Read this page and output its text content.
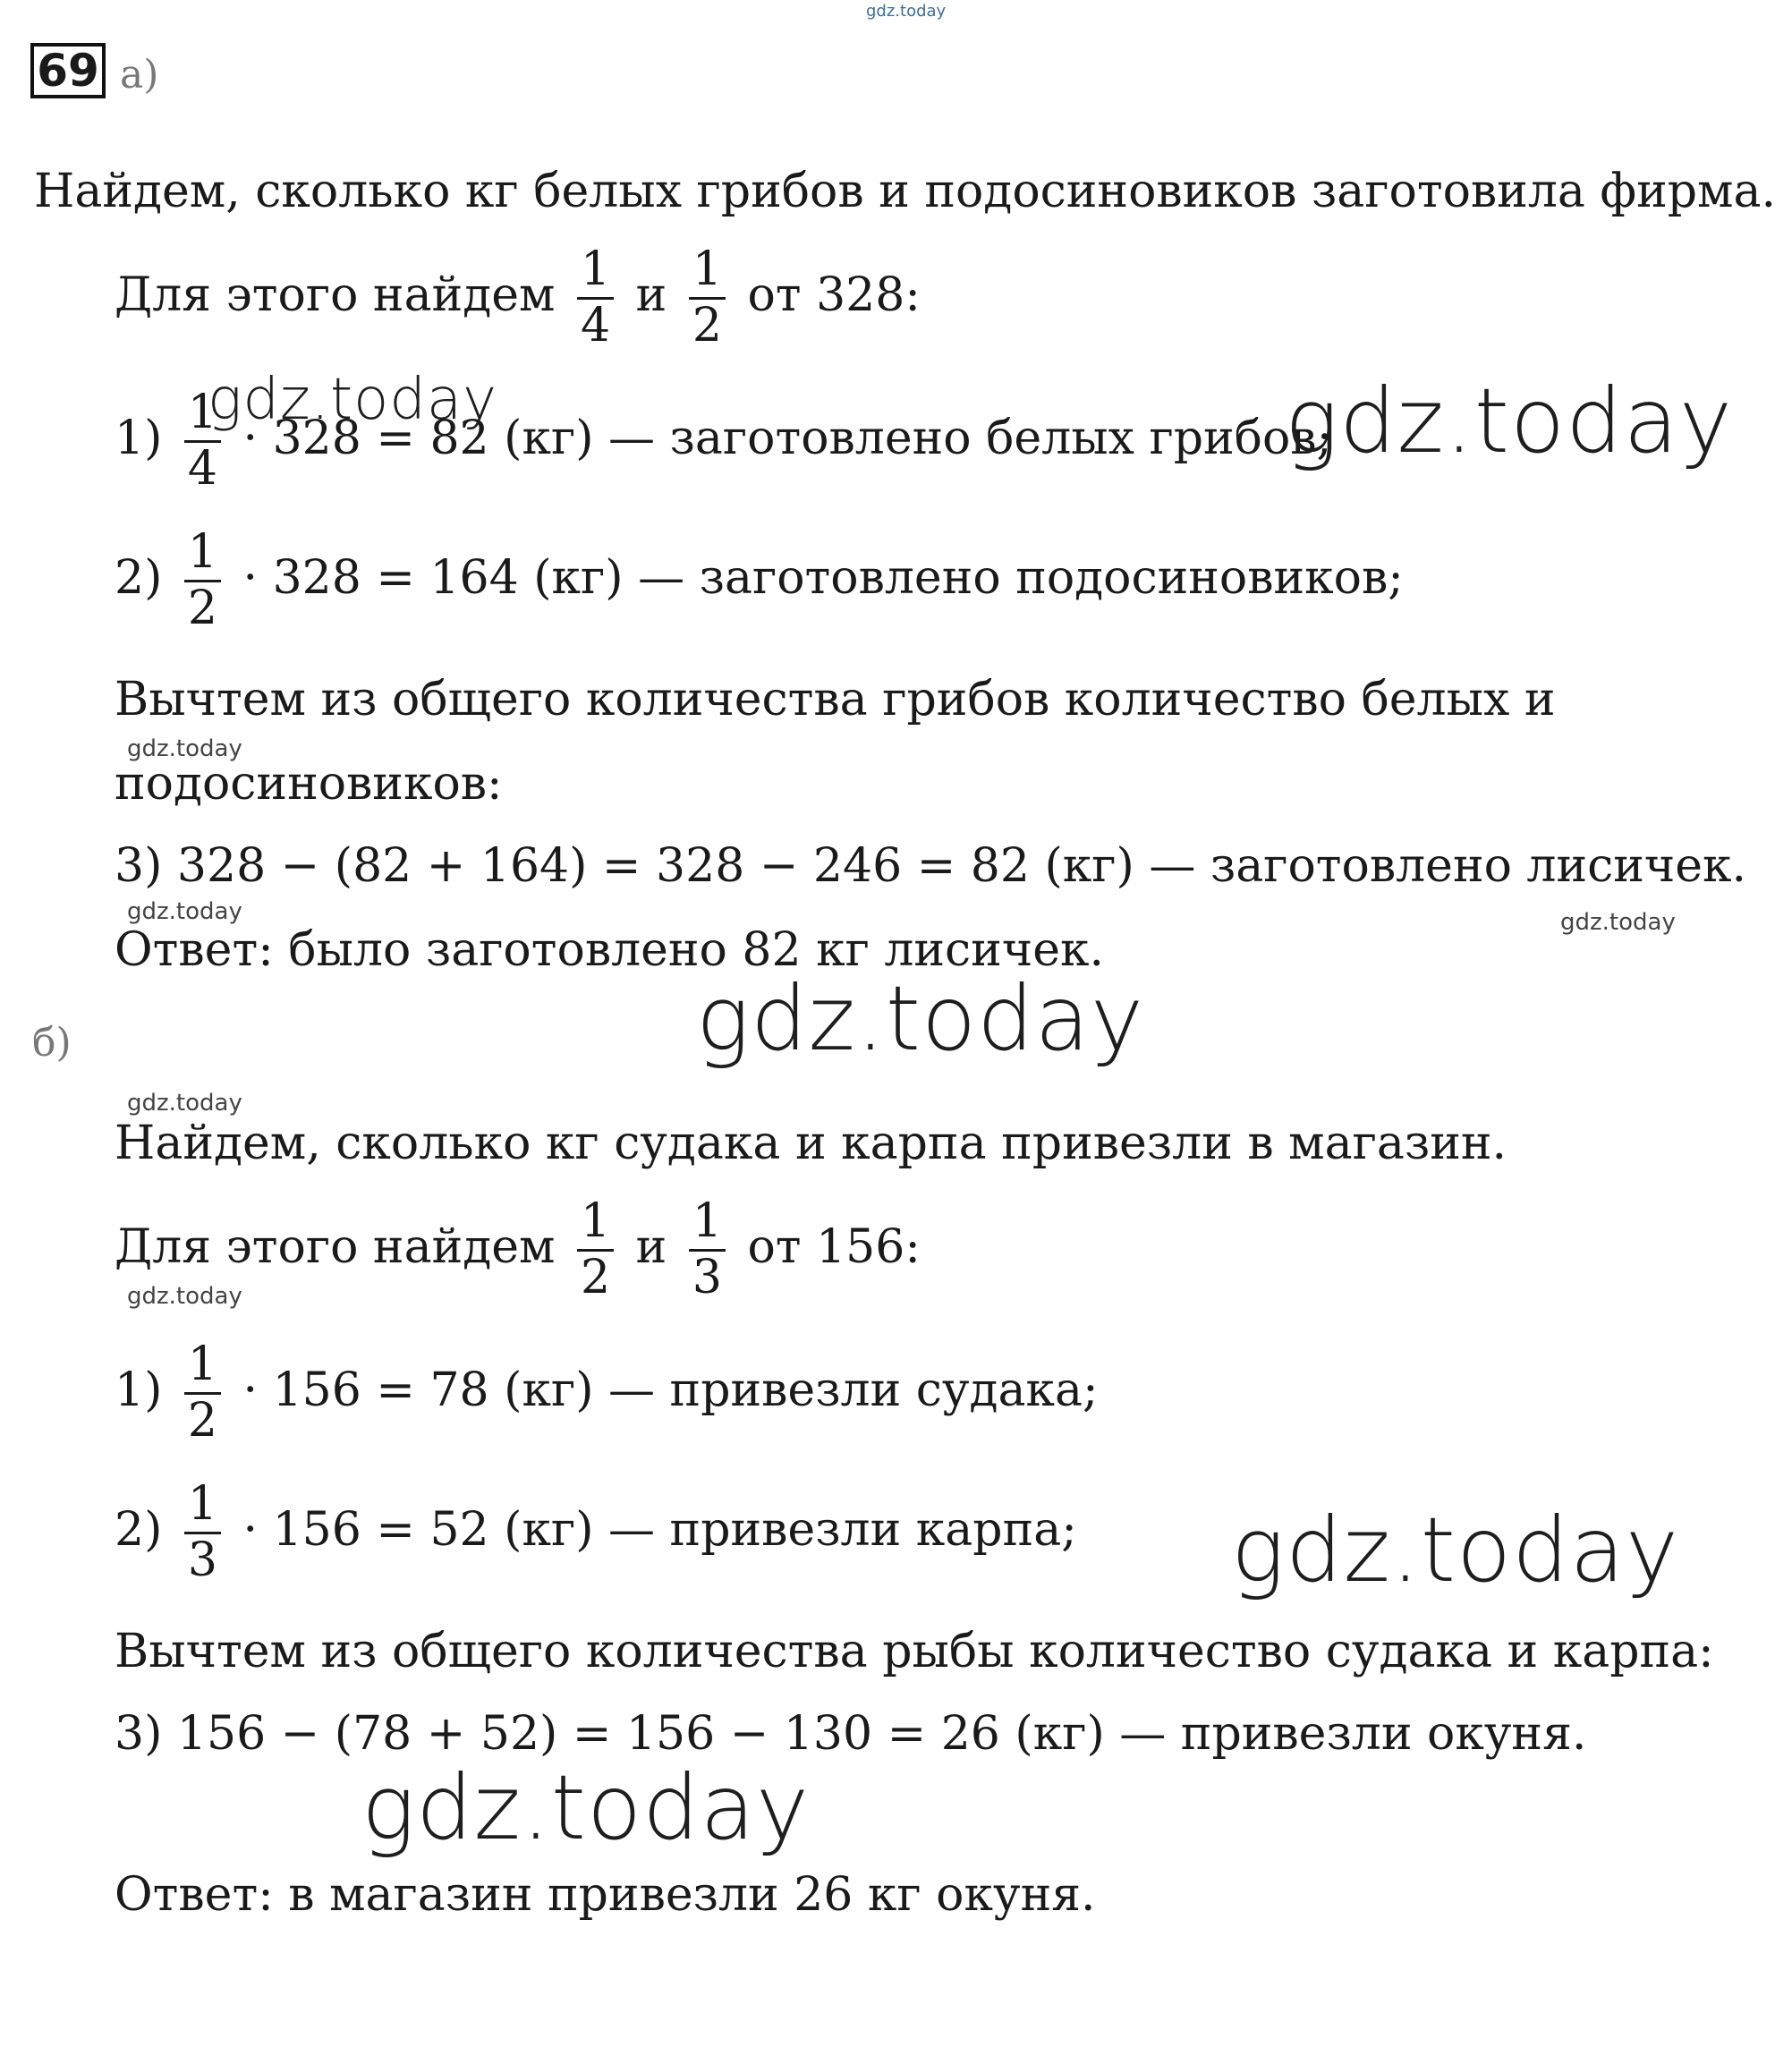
gdz.today
69 а)
Найдем, сколько кг белых грибов и подосиновиков заготовила фирма.
Для этого найдем $\frac{1}{4}$ и $\frac{1}{2}$ от 328:
$1) \frac{1}{4} \cdot 328 = 82$ (кг) — заготовлено белых грибов;
$2) \frac{1}{2} \cdot 328 = 164$ (кг) — заготовлено подосиновиков;
Вычтем из общего количества грибов количество белых и
подосиновиков:
3) 328 − (82 + 164) = 328 − 246 = 82 (кг) — заготовлено лисичек.
Ответ: было заготовлено 82 кг лисичек.
б)
Найдем, сколько кг судака и карпа привезли в магазин.
Для этого найдем $\frac{1}{2}$ и $\frac{1}{3}$ от 156:
$1) \frac{1}{2} \cdot 156 = 78$ (кг) — привезли судака;
$2) \frac{1}{3} \cdot 156 = 52$ (кг) — привезли карпа;
Вычтем из общего количества рыбы количество судака и карпа:
3) 156 − (78 + 52) = 156 − 130 = 26 (кг) — привезли окуня.
Ответ: в магазин привезли 26 кг окуня.
gdz.today	gdz.today
gdz.today
gdz.today	gdz.today
gdz.today
gdz.today
gdz.today
gdz.today
gdz.today
